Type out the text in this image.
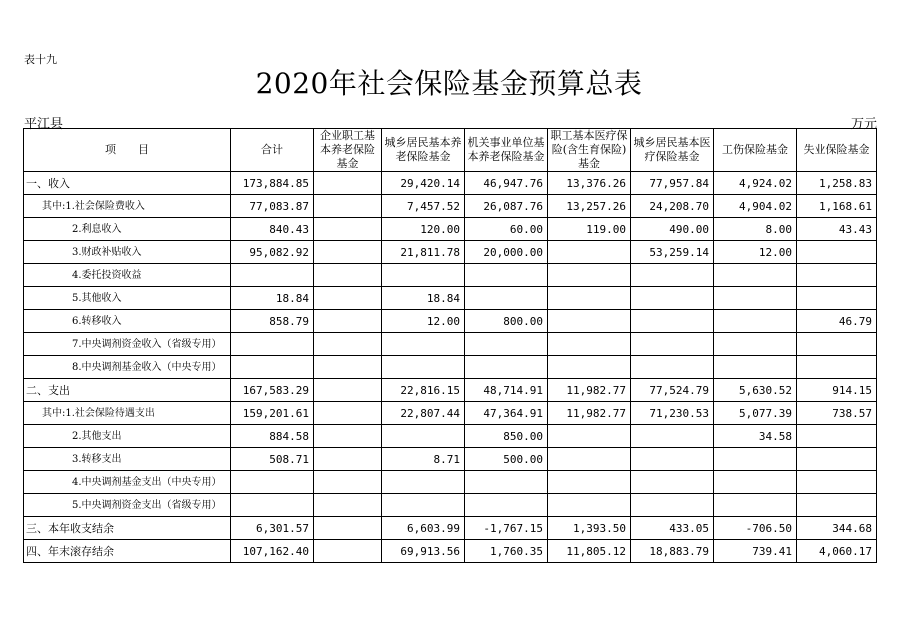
表十九
2020年社会保险基金预算总表
平江县	万元
项　　目	合计	企业职工基本养老保险基金	城乡居民基本养老保险基金	机关事业单位基本养老保险基金	职工基本医疗保险(含生育保险)基金	城乡居民基本医疗保险基金	工伤保险基金	失业保险基金
一、收入	173,884.85		29,420.14	46,947.76	13,376.26	77,957.84	4,924.02	1,258.83
其中:1.社会保险费收入	77,083.87		7,457.52	26,087.76	13,257.26	24,208.70	4,904.02	1,168.61
2.利息收入	840.43		120.00	60.00	119.00	490.00	8.00	43.43
3.财政补贴收入	95,082.92		21,811.78	20,000.00		53,259.14	12.00	
4.委托投资收益								
5.其他收入	18.84		18.84					
6.转移收入	858.79		12.00	800.00				46.79
7.中央调剂资金收入（省级专用）								
8.中央调剂基金收入（中央专用）								
二、支出	167,583.29		22,816.15	48,714.91	11,982.77	77,524.79	5,630.52	914.15
其中:1.社会保险待遇支出	159,201.61		22,807.44	47,364.91	11,982.77	71,230.53	5,077.39	738.57
2.其他支出	884.58			850.00			34.58	
3.转移支出	508.71		8.71	500.00				
4.中央调剂基金支出（中央专用）								
5.中央调剂资金支出（省级专用）								
三、本年收支结余	6,301.57		6,603.99	-1,767.15	1,393.50	433.05	-706.50	344.68
四、年末滚存结余	107,162.40		69,913.56	1,760.35	11,805.12	18,883.79	739.41	4,060.17
